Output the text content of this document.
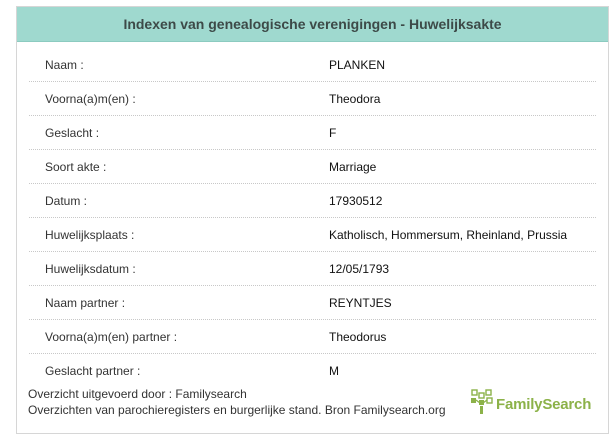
Indexen van genealogische verenigingen - Huwelijksakte
Naam :	PLANKEN
Voorna(a)m(en) :	Theodora
Geslacht :	F
Soort akte :	Marriage
Datum :	17930512
Huwelijksplaats :	Katholisch, Hommersum, Rheinland, Prussia
Huwelijksdatum :	12/05/1793
Naam partner :	REYNTJES
Voorna(a)m(en) partner :	Theodorus
Geslacht partner :	M
Overzicht uitgevoerd door : Familysearch
Overzichten van parochieregisters en burgerlijke stand. Bron Familysearch.org	FamilySearch
